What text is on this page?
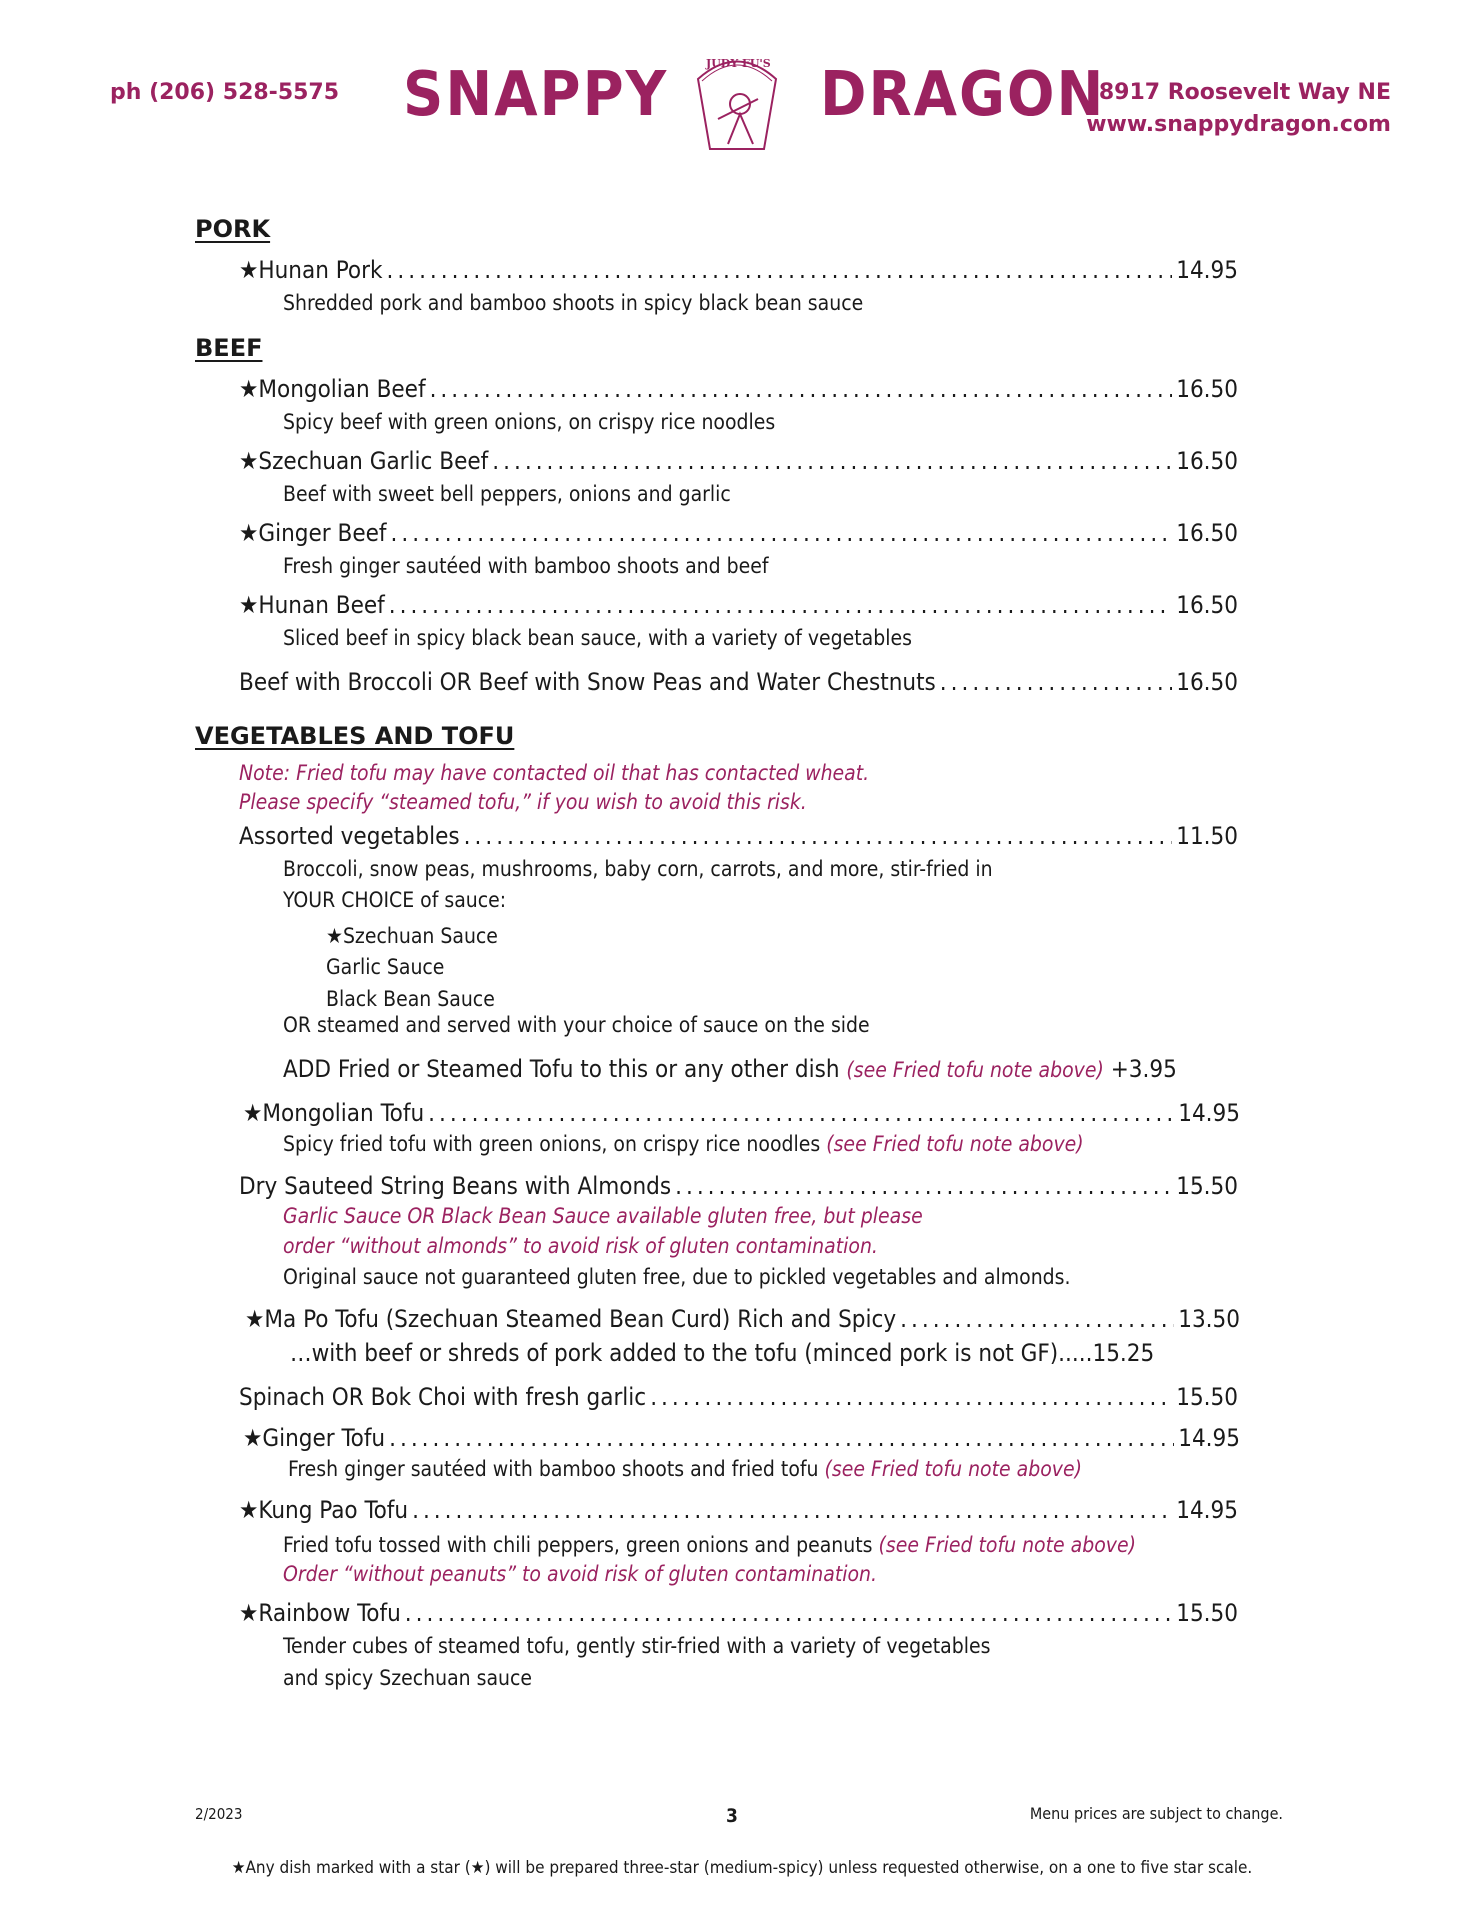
ph (206) 528-5575 SNAPPY	JUDY FU'S DRAGON
8917 Roosevelt Way NE
www.snappydragon.com
PORK
★Hunan Pork .....	14.95
Shredded pork and bamboo shoots in spicy black bean sauce
BEEF
★Mongolian Beef .....	16.50
Spicy beef with green onions, on crispy rice noodles
★Szechuan Garlic Beef .....	16.50
Beef with sweet bell peppers, onions and garlic
★Ginger Beef .....	16.50
Fresh ginger sautéed with bamboo shoots and beef
★Hunan Beef .....	16.50
Sliced beef in spicy black bean sauce, with a variety of vegetables
Beef with Broccoli OR Beef with Snow Peas and Water Chestnuts .....	16.50
VEGETABLES AND TOFU
Note: Fried tofu may have contacted oil that has contacted wheat.
Please specify “steamed tofu,” if you wish to avoid this risk.
Assorted vegetables .....	11.50
Broccoli, snow peas, mushrooms, baby corn, carrots, and more, stir-fried in
YOUR CHOICE of sauce:
★Szechuan Sauce
Garlic Sauce
Black Bean Sauce
OR steamed and served with your choice of sauce on the side
ADD Fried or Steamed Tofu to this or any other dish (see Fried tofu note above) +3.95
★Mongolian Tofu .....	14.95
Spicy fried tofu with green onions, on crispy rice noodles (see Fried tofu note above)
Dry Sauteed String Beans with Almonds .....	15.50
Garlic Sauce OR Black Bean Sauce available gluten free, but please
order “without almonds” to avoid risk of gluten contamination.
Original sauce not guaranteed gluten free, due to pickled vegetables and almonds.
★Ma Po Tofu (Szechuan Steamed Bean Curd) Rich and Spicy .....	13.50
…with beef or shreds of pork added to the tofu (minced pork is not GF).....15.25
Spinach OR Bok Choi with fresh garlic .....	15.50
★Ginger Tofu .....	14.95
Fresh ginger sautéed with bamboo shoots and fried tofu (see Fried tofu note above)
★Kung Pao Tofu .....	14.95
Fried tofu tossed with chili peppers, green onions and peanuts (see Fried tofu note above)
Order “without peanuts” to avoid risk of gluten contamination.
★Rainbow Tofu .....	15.50
Tender cubes of steamed tofu, gently stir-fried with a variety of vegetables
and spicy Szechuan sauce
2/2023	3	Menu prices are subject to change.
★Any dish marked with a star (★) will be prepared three-star (medium-spicy) unless requested otherwise, on a one to five star scale.
